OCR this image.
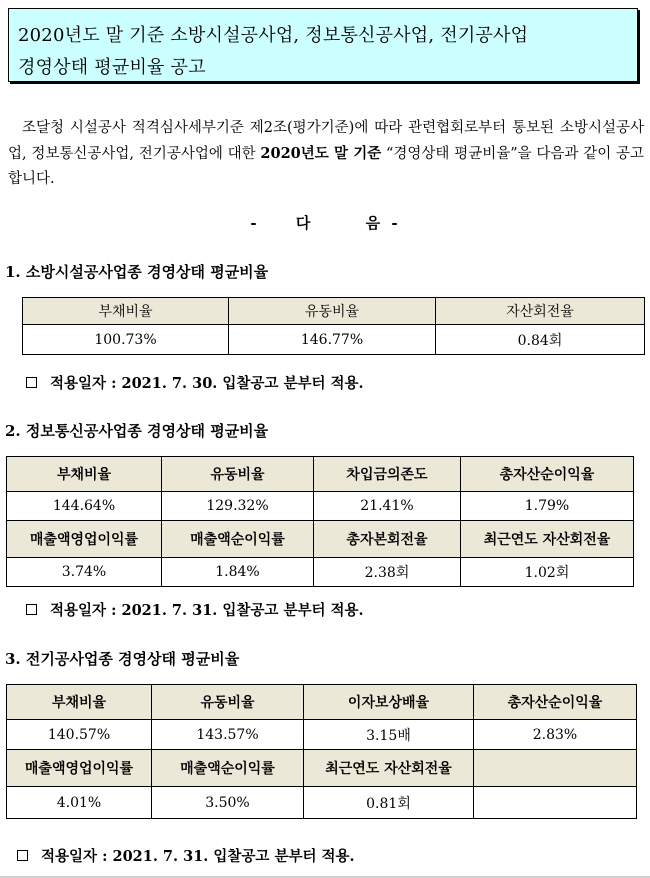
2020년도 말 기준 소방시설공사업, 정보통신공사업, 전기공사업
경영상태 평균비율 공고

조달청 시설공사 적격심사세부기준 제2조(평가기준)에 따라 관련협회로부터 통보된 소방시설공사업, 정보통신공사업, 전기공사업에 대한 2020년도 말 기준 “경영상태 평균비율”을 다음과 같이 공고합니다.

- 다	음 -
1. 소방시설공사업종 경영상태 평균비율
부채비율	유동비율	자산회전율
100.73%	146.77%	0.84회
적용일자 : 2021. 7. 30. 입찰공고 분부터 적용.
2. 정보통신공사업종 경영상태 평균비율
부채비율	유동비율	차입금의존도	총자산순이익율
144.64%	129.32%	21.41%	1.79%
매출액영업이익률	매출액순이익률	총자본회전율	최근연도 자산회전율
3.74%	1.84%	2.38회	1.02회
적용일자 : 2021. 7. 31. 입찰공고 분부터 적용.
3. 전기공사업종 경영상태 평균비율
부채비율	유동비율	이자보상배율	총자산순이익율
140.57%	143.57%	3.15배	2.83%
매출액영업이익률	매출액순이익률	최근연도 자산회전율	
4.01%	3.50%	0.81회	
적용일자 : 2021. 7. 31. 입찰공고 분부터 적용.
